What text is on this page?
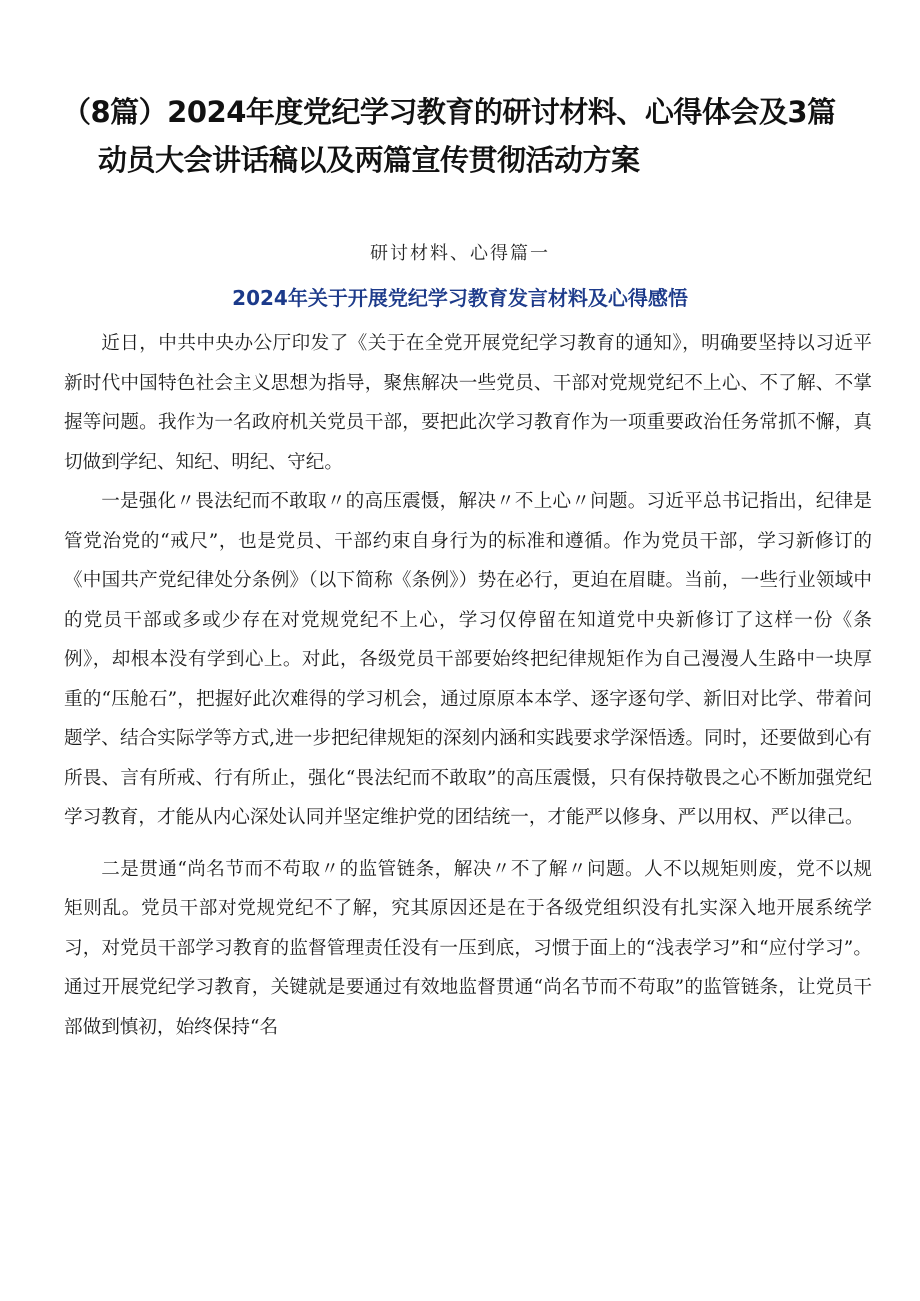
（8篇）2024年度党纪学习教育的研讨材料、心得体会及3篇
动员大会讲话稿以及两篇宣传贯彻活动方案

研讨材料、心得篇一

2024年关于开展党纪学习教育发言材料及心得感悟

近日，中共中央办公厅印发了《关于在全党开展党纪学习教育的通知》，明确要坚持以习近平新时代中国特色社会主义思想为指导，聚焦解决一些党员、干部对党规党纪不上心、不了解、不掌握等问题。我作为一名政府机关党员干部，要把此次学习教育作为一项重要政治任务常抓不懈，真切做到学纪、知纪、明纪、守纪。

一是强化〃畏法纪而不敢取〃的高压震慑，解决〃不上心〃问题。习近平总书记指出，纪律是管党治党的“戒尺”，也是党员、干部约束自身行为的标准和遵循。作为党员干部，学习新修订的《中国共产党纪律处分条例》（以下简称《条例》）势在必行，更迫在眉睫。当前，一些行业领域中的党员干部或多或少存在对党规党纪不上心，学习仅停留在知道党中央新修订了这样一份《条例》，却根本没有学到心上。对此，各级党员干部要始终把纪律规矩作为自己漫漫人生路中一块厚重的“压舱石”，把握好此次难得的学习机会，通过原原本本学、逐字逐句学、新旧对比学、带着问题学、结合实际学等方式,进一步把纪律规矩的深刻内涵和实践要求学深悟透。同时，还要做到心有所畏、言有所戒、行有所止，强化“畏法纪而不敢取”的高压震慑，只有保持敬畏之心不断加强党纪学习教育，才能从内心深处认同并坚定维护党的团结统一，才能严以修身、严以用权、严以律己。

二是贯通“尚名节而不苟取〃的监管链条，解决〃不了解〃问题。人不以规矩则废，党不以规矩则乱。党员干部对党规党纪不了解，究其原因还是在于各级党组织没有扎实深入地开展系统学习，对党员干部学习教育的监督管理责任没有一压到底，习惯于面上的“浅表学习”和“应付学习”。通过开展党纪学习教育，关键就是要通过有效地监督贯通“尚名节而不苟取”的监管链条，让党员干部做到慎初，始终保持“名
